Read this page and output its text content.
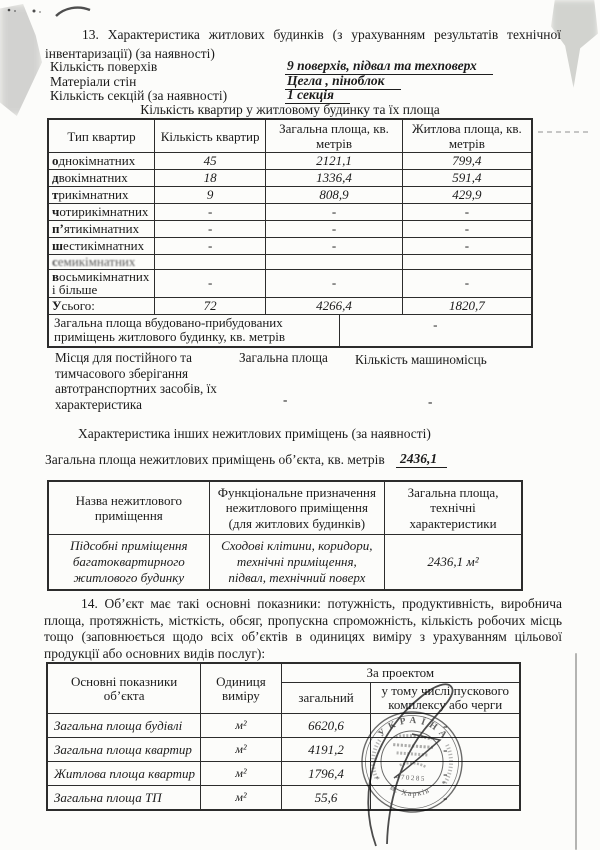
13. Характеристика житлових будинків (з урахуванням результатів технічної інвентаризації) (за наявності)

Кількість поверхів	9 поверхів, підвал та техповерх
Матеріали стін	Цегла , піноблок
Кількість секцій (за наявності)	1 секція
Кількість квартир у житловому будинку та їх площа
Тип квартир	Кількість квартир	Загальна площа, кв. метрів	Житлова площа, кв. метрів

однокімнатних	45	2121,1	799,4

двокімнатних	18	1336,4	591,4

трикімнатних	9	808,9	429,9

чотирикімнатних	-	-	-

п’ятикімнатних	-	-	-

шестикімнатних	-	-	-

семикімнатних			

восьмикімнатних і більше	-	-	-

Усього:	72	4266,4	1820,7
Загальна площа вбудовано-прибудованих приміщень житлового будинку, кв. метрів
-
Місця для постійного та тимчасового зберігання автотранспортних засобів, їх характеристика
Загальна площа Кількість машиномісць
-	-
Характеристика інших нежитлових приміщень (за наявності)
Загальна площа нежитлових приміщень об’єкта, кв. метрів 2436,1
Назва нежитлового приміщення	Функціональне призначення нежитлового приміщення (для житлових будинків)	Загальна площа, технічні характеристики
Підсобні приміщення багатоквартирного житлового будинку	Сходові клітини, коридори, технічні приміщення, підвал, технічний поверх	2436,1 м²

14. Об’єкт має такі основні показники: потужність, продуктивність, виробнича площа, протяжність, місткість, обсяг, пропускна спроможність, кількість робочих місць тощо (заповнюється щодо всіх об’єктів в одиницях виміру з урахуванням цільової продукції або основних видів послуг):

Основні показники об’єкта	Одиниця виміру	За проектом	
		загальний	у тому числі пускового комплексу або черги
Загальна площа будівлі	м²	6620,6	-
Загальна площа квартир	м²	4191,2	-
Житлова площа квартир	м²	1796,4	-
Загальна площа ТП	м²	55,6	-
УКРАЇНА
м. Харків
470285
*	*
